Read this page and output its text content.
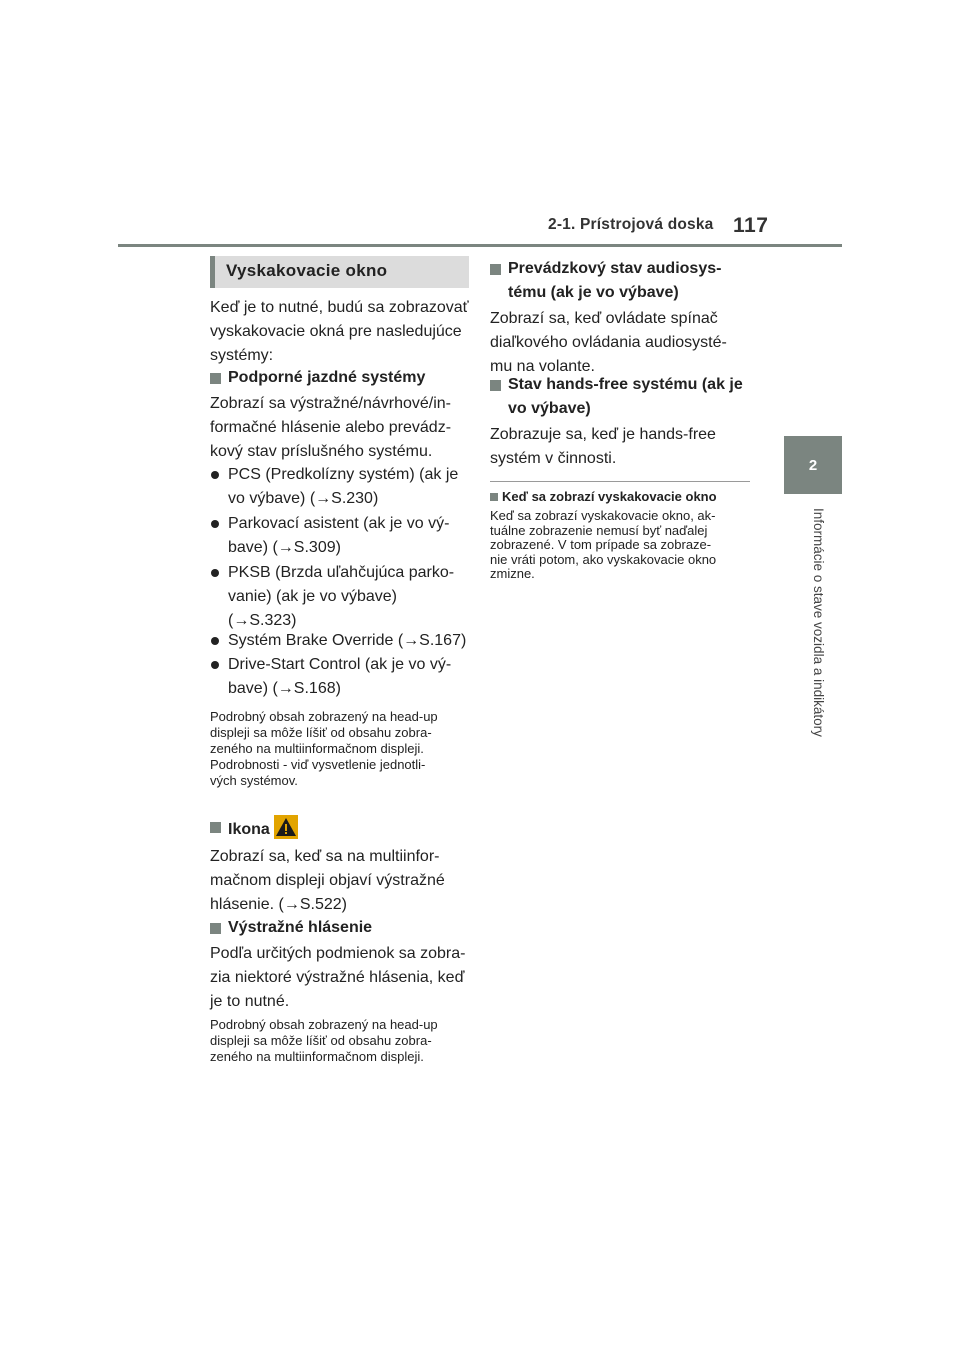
2-1. Prístrojová doska 117
2
Informácie o stave vozidla a indikátory
Vyskakovacie okno

Keď je to nutné, budú sa zobrazovať

vyskakovacie okná pre nasledujúce

systémy:

Podporné jazdné systémy

Zobrazí sa výstražné/návrhové/in-

formačné hlásenie alebo prevádz-

kový stav príslušného systému.

PCS (Predkolízny systém) (ak je
vo výbave) (→S.230)
Parkovací asistent (ak je vo vý-
bave) (→S.309)
PKSB (Brzda uľahčujúca parko-
vanie) (ak je vo výbave)
(→S.323)
Systém Brake Override (→S.167)
Drive-Start Control (ak je vo vý-
bave) (→S.168)

Podrobný obsah zobrazený na head-up

displeji sa môže líšiť od obsahu zobra-

zeného na multiinformačnom displeji.

Podrobnosti - viď vysvetlenie jednotli-

vých systémov.

Ikona

Zobrazí sa, keď sa na multiinfor-

mačnom displeji objaví výstražné

hlásenie. (→S.522)

Výstražné hlásenie

Podľa určitých podmienok sa zobra-

zia niektoré výstražné hlásenia, keď

je to nutné.

Podrobný obsah zobrazený na head-up

displeji sa môže líšiť od obsahu zobra-

zeného na multiinformačnom displeji.

Prevádzkový stav audiosys-
tému (ak je vo výbave)

Zobrazí sa, keď ovládate spínač

diaľkového ovládania audiosysté-

mu na volante.

Stav hands-free systému (ak je
vo výbave)

Zobrazuje sa, keď je hands-free

systém v činnosti.

Keď sa zobrazí vyskakovacie okno

Keď sa zobrazí vyskakovacie okno, ak-

tuálne zobrazenie nemusí byť naďalej

zobrazené. V tom prípade sa zobraze-

nie vráti potom, ako vyskakovacie okno

zmizne.
